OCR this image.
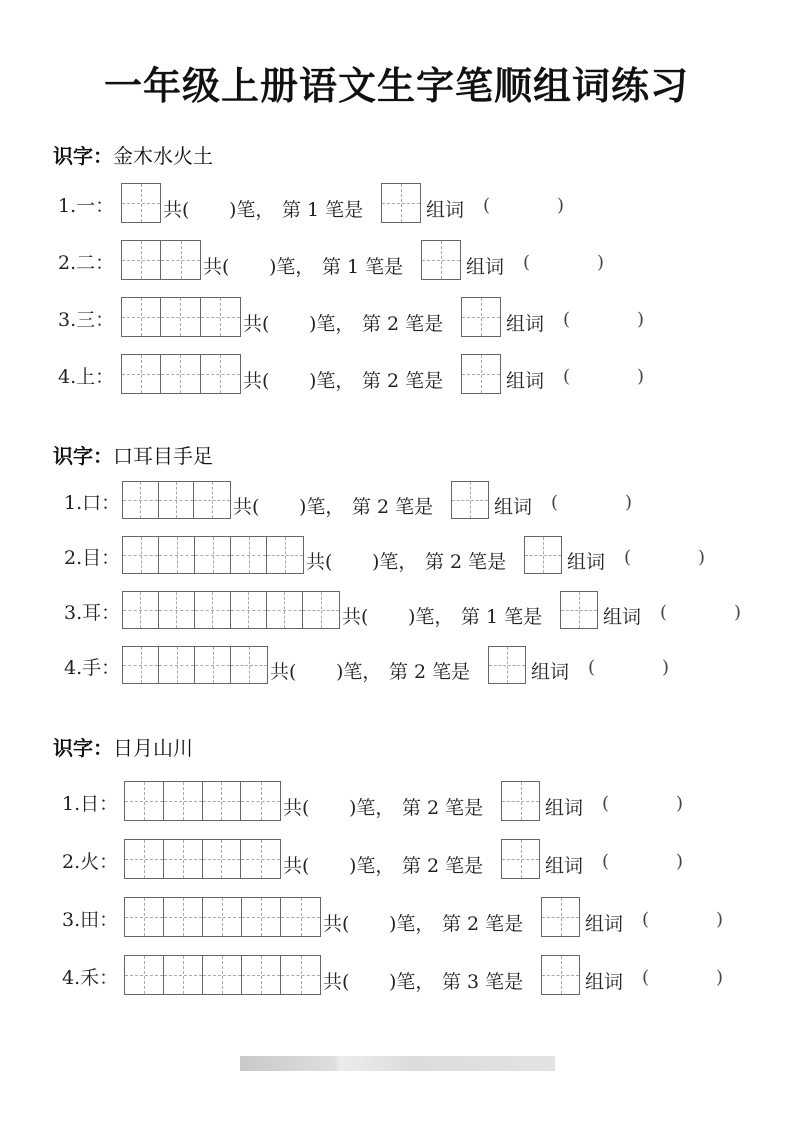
一年级上册语文生字笔顺组词练习
识字：金木水火土
1.一：	共( )笔， 第 1 笔是	组词 (	)
2.二：	共( )笔， 第 1 笔是	组词 (	)
3.三：	共( )笔， 第 2 笔是	组词 (	)
4.上：	共( )笔， 第 2 笔是	组词 (	)
识字：口耳目手足
1.口：	共( )笔， 第 2 笔是	组词 (	)
2.目：	共( )笔， 第 2 笔是	组词 (	)
3.耳：	共( )笔， 第 1 笔是	组词 (	)
4.手：	共( )笔， 第 2 笔是	组词 (	)
识字：日月山川
1.日：	共( )笔， 第 2 笔是	组词 (	)
2.火：	共( )笔， 第 2 笔是	组词 (	)
3.田：	共( )笔， 第 2 笔是	组词 (	)
4.禾：	共( )笔， 第 3 笔是	组词 (	)
